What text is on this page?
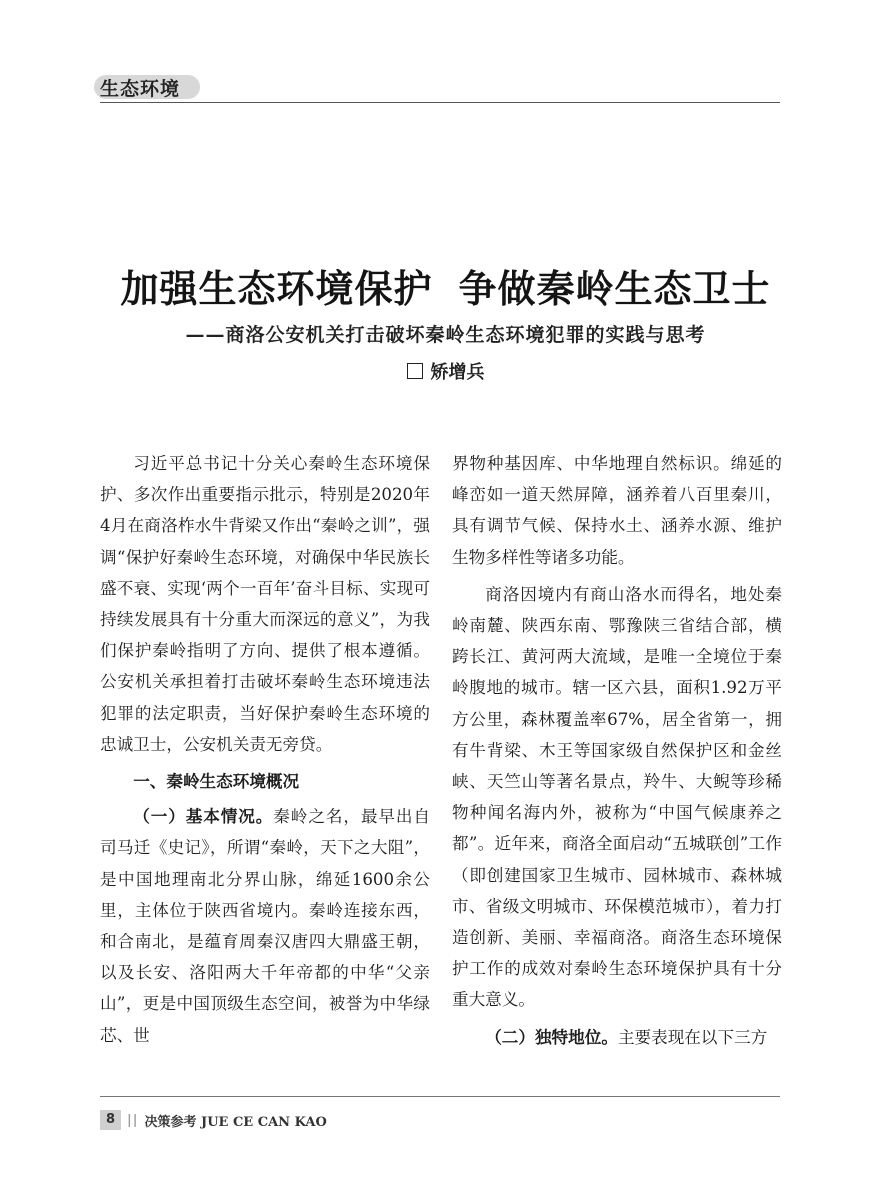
生态环境
加强生态环境保护 争做秦岭生态卫士
——商洛公安机关打击破坏秦岭生态环境犯罪的实践与思考
矫增兵

习近平总书记十分关心秦岭生态环境保护、多次作出重要指示批示，特别是2020年4月在商洛柞水牛背梁又作出“秦岭之训”，强调“保护好秦岭生态环境，对确保中华民族长盛不衰、实现‘两个一百年’奋斗目标、实现可持续发展具有十分重大而深远的意义”，为我们保护秦岭指明了方向、提供了根本遵循。公安机关承担着打击破坏秦岭生态环境违法犯罪的法定职责，当好保护秦岭生态环境的忠诚卫士，公安机关责无旁贷。

一、秦岭生态环境概况

（一）基本情况。秦岭之名，最早出自司马迁《史记》，所谓“秦岭，天下之大阻”，是中国地理南北分界山脉，绵延1600余公里，主体位于陕西省境内。秦岭连接东西，和合南北，是蕴育周秦汉唐四大鼎盛王朝，以及长安、洛阳两大千年帝都的中华“父亲山”，更是中国顶级生态空间，被誉为中华绿芯、世

界物种基因库、中华地理自然标识。绵延的峰峦如一道天然屏障，涵养着八百里秦川，具有调节气候、保持水土、涵养水源、维护生物多样性等诸多功能。

商洛因境内有商山洛水而得名，地处秦岭南麓、陕西东南、鄂豫陕三省结合部，横跨长江、黄河两大流域，是唯一全境位于秦岭腹地的城市。辖一区六县，面积1.92万平方公里，森林覆盖率67%，居全省第一，拥有牛背梁、木王等国家级自然保护区和金丝峡、天竺山等著名景点，羚牛、大鲵等珍稀物种闻名海内外，被称为“中国气候康养之都”。近年来，商洛全面启动“五城联创”工作（即创建国家卫生城市、园林城市、森林城市、省级文明城市、环保模范城市），着力打造创新、美丽、幸福商洛。商洛生态环境保护工作的成效对秦岭生态环境保护具有十分重大意义。

（二）独特地位。主要表现在以下三方

8 || 决策参考 JUE CE CAN KAO
